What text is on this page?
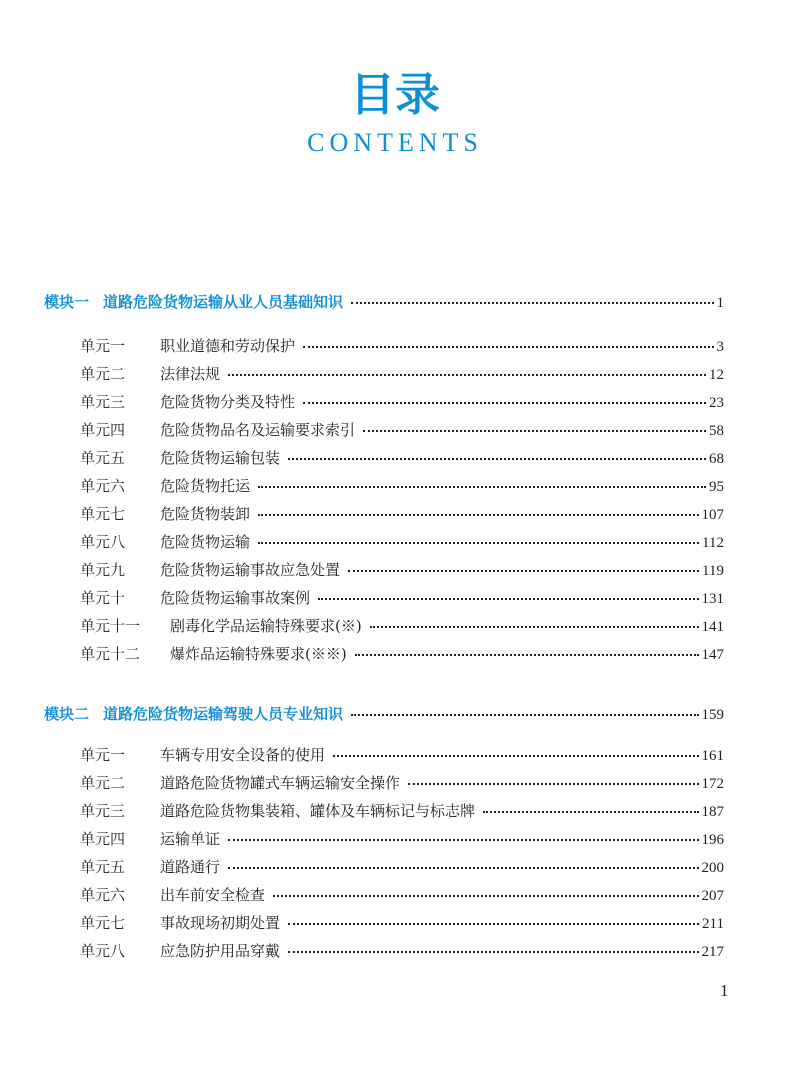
目录
CONTENTS
模块一 道路危险货物运输从业人员基础知识	1
单元一	职业道德和劳动保护	3
单元二	法律法规	12
单元三	危险货物分类及特性	23
单元四	危险货物品名及运输要求索引	58
单元五	危险货物运输包装	68
单元六	危险货物托运	95
单元七	危险货物装卸	107
单元八	危险货物运输	112
单元九	危险货物运输事故应急处置	119
单元十	危险货物运输事故案例	131
单元十一	剧毒化学品运输特殊要求(※)	141
单元十二	爆炸品运输特殊要求(※※)	147
模块二 道路危险货物运输驾驶人员专业知识	159
单元一	车辆专用安全设备的使用	161
单元二	道路危险货物罐式车辆运输安全操作	172
单元三	道路危险货物集装箱、罐体及车辆标记与标志牌	187
单元四	运输单证	196
单元五	道路通行	200
单元六	出车前安全检查	207
单元七	事故现场初期处置	211
单元八	应急防护用品穿戴	217
1
